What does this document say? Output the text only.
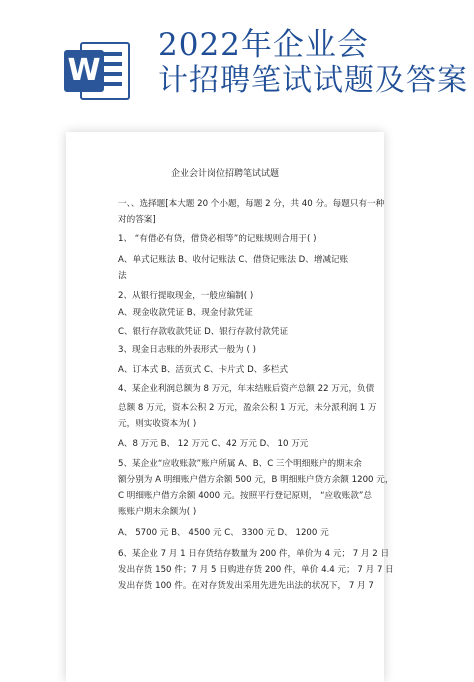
W
2022年企业会
计招聘笔试试题及答案
企业会计岗位招聘笔试试题
一、、选择题[本大题 20 个小题，每题 2 分，共 40 分。每题只有一种
对的答案]
1、 “有借必有贷，借贷必相等”的记账规则合用于( )
A、单式记账法 B、收付记账法 C、借贷记账法 D、增减记账
法
2、从银行提取现金，一般应编制( )
A、现金收款凭证 B、现金付款凭证
C、银行存款收款凭证 D、银行存款付款凭证
3、现金日志账的外表形式一般为 ( )
A、订本式 B、活页式 C、卡片式 D、多栏式
4、某企业利润总额为 8 万元，年末结账后资产总额 22 万元，负债
总额 8 万元，资本公积 2 万元，盈余公积 1 万元，未分派利润 1 万
元，则实收资本为( )
A、8 万元 B、 12 万元 C、42 万元 D、 10 万元
5、某企业“应收账款”账户所属 A、B、C 三个明细账户的期末余
额分别为 A 明细账户借方余额 500 元，B 明细账户贷方余额 1200 元，
C 明细账户借方余额 4000 元。按照平行登记原则， “应收账款”总
账账户期末余额为( )
A、 5700 元 B、 4500 元 C、 3300 元 D、 1200 元
6、某企业 7 月 1 日存货结存数量为 200 件，单价为 4 元； 7 月 2 日
发出存货 150 件；7 月 5 日购进存货 200 件，单价 4.4 元； 7 月 7 日
发出存货 100 件。在对存货发出采用先进先出法的状况下， 7 月 7
